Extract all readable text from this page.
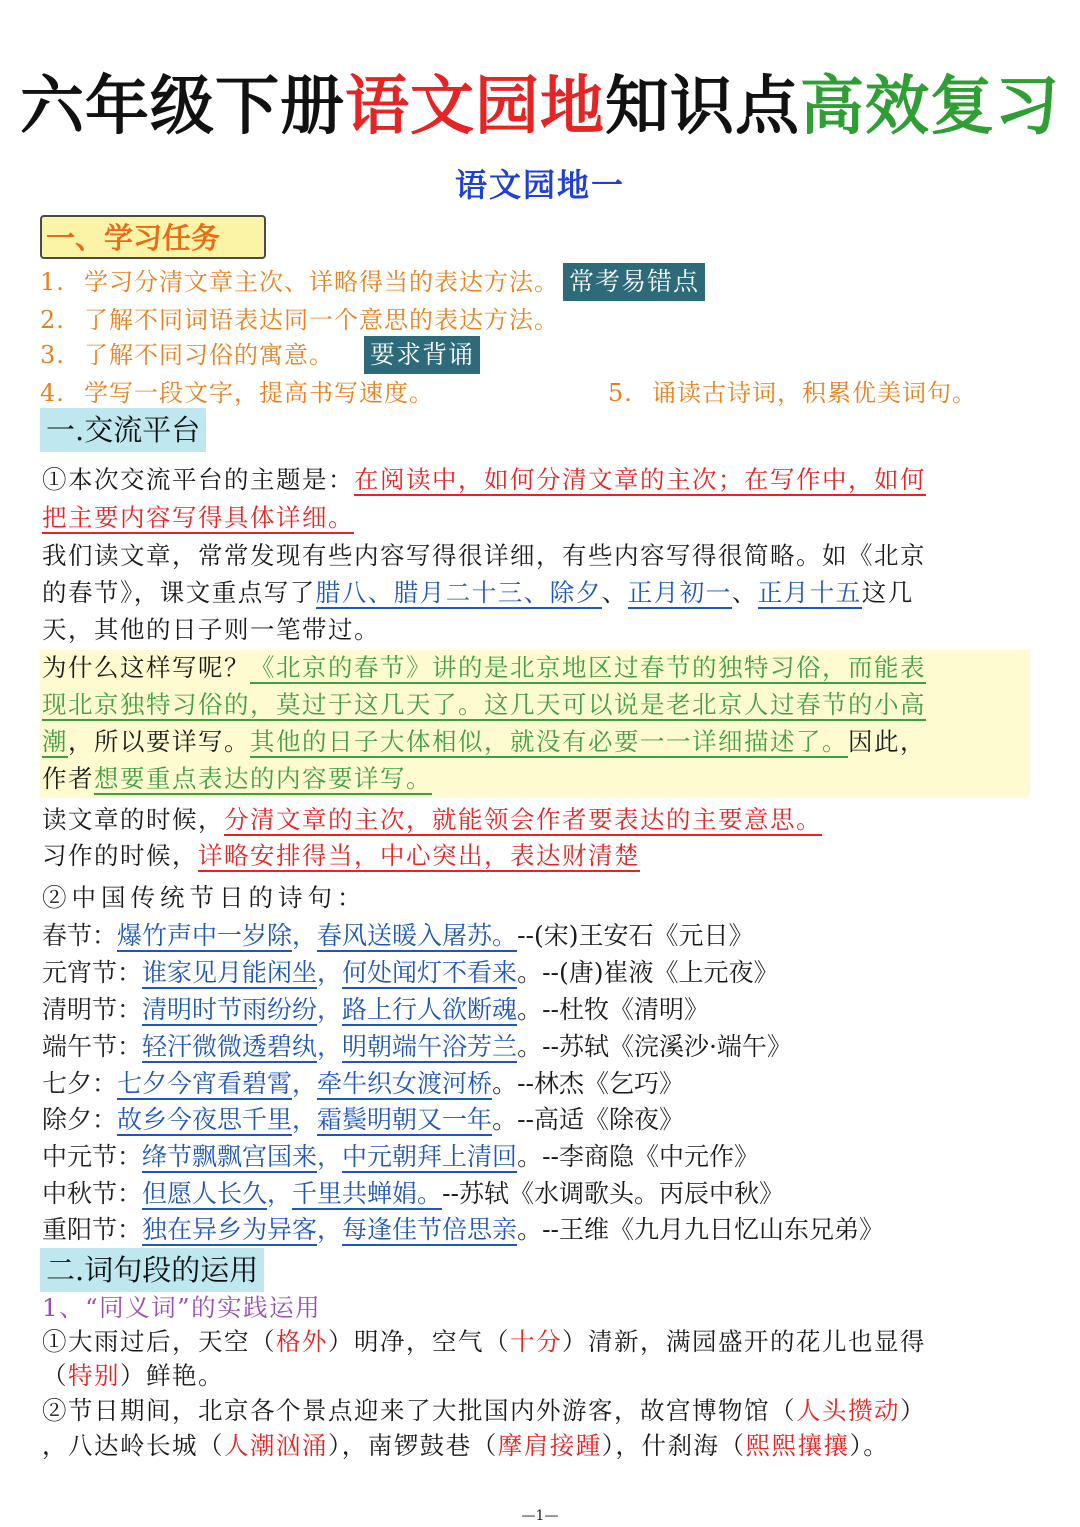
六年级下册语文园地知识点高效复习
语文园地一
一、学习任务
1. 学习分清文章主次、详略得当的表达方法。 常考易错点
2. 了解不同词语表达同一个意思的表达方法。
3. 了解不同习俗的寓意。 要求背诵
4. 学写一段文字，提高书写速度。	5. 诵读古诗词，积累优美词句。
一.交流平台
①本次交流平台的主题是：在阅读中，如何分清文章的主次；在写作中，如何
把主要内容写得具体详细。
我们读文章，常常发现有些内容写得很详细，有些内容写得很简略。如《北京
的春节》，课文重点写了腊八、腊月二十三、除夕、正月初一、正月十五这几
天，其他的日子则一笔带过。
为什么这样写呢？《北京的春节》讲的是北京地区过春节的独特习俗，而能表
现北京独特习俗的，莫过于这几天了。这几天可以说是老北京人过春节的小高
潮，所以要详写。其他的日子大体相似，就没有必要一一详细描述了。因此，
作者想要重点表达的内容要详写。
读文章的时候，分清文章的主次，就能领会作者要表达的主要意思。
习作的时候，详略安排得当，中心突出，表达财清楚
②中国传统节日的诗句：
春节：爆竹声中一岁除，春风送暖入屠苏。--(宋)王安石《元日》
元宵节：谁家见月能闲坐，何处闻灯不看来。--(唐)崔液《上元夜》
清明节：清明时节雨纷纷，路上行人欲断魂。--杜牧《清明》
端午节：轻汗微微透碧纨，明朝端午浴芳兰。--苏轼《浣溪沙·端午》
七夕：七夕今宵看碧霄，牵牛织女渡河桥。--林杰《乞巧》
除夕：故乡今夜思千里，霜鬓明朝又一年。--高适《除夜》
中元节：绛节飘飘宫国来，中元朝拜上清回。--李商隐《中元作》
中秋节：但愿人长久，千里共蝉娟。--苏轼《水调歌头。丙辰中秋》
重阳节：独在异乡为异客，每逢佳节倍思亲。--王维《九月九日忆山东兄弟》
二.词句段的运用
1、“同义词”的实践运用
①大雨过后，天空（格外）明净，空气（十分）清新，满园盛开的花儿也显得
（特别）鲜艳。
②节日期间，北京各个景点迎来了大批国内外游客，故宫博物馆（人头攒动）
，八达岭长城（人潮汹涌），南锣鼓巷（摩肩接踵），什刹海（熙熙攘攘）。
—1—
